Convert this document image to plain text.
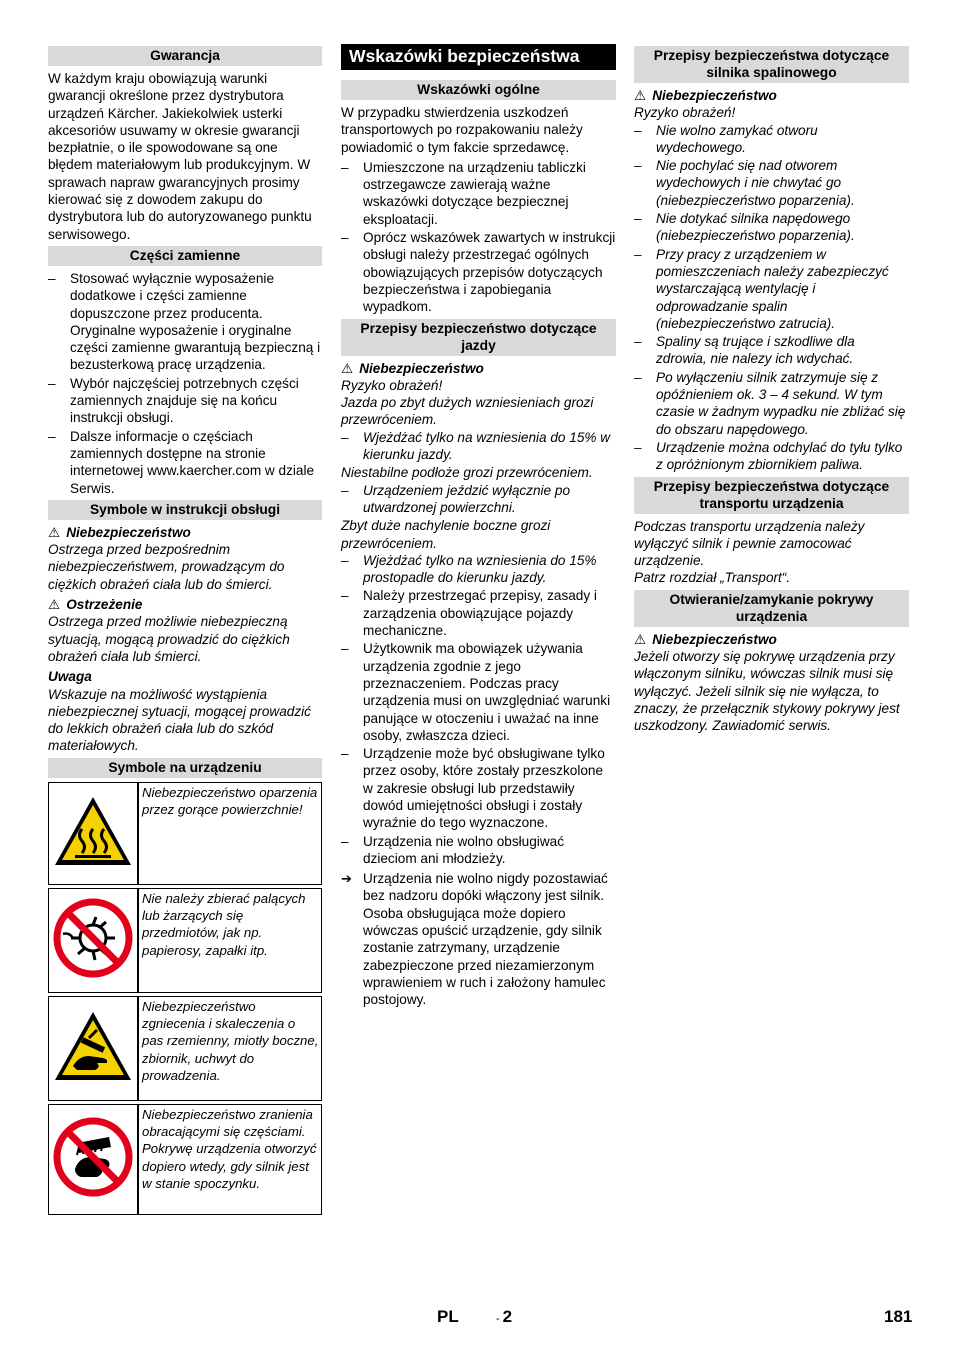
Gwarancja

W każdym kraju obowiązują warunki gwarancji określone przez dystrybutora urządzeń Kärcher. Jakiekolwiek usterki akcesoriów usuwamy w okresie gwarancji bezpłatnie, o ile spowodowane są one błędem materiałowym lub produkcyjnym. W sprawach napraw gwarancyjnych prosimy kierować się z dowodem zakupu do dystrybutora lub do autoryzowanego punktu serwisowego.

Części zamienne
– Stosować wyłącznie wyposażenie dodatkowe i części zamienne dopuszczone przez producenta. Oryginalne wyposażenie i oryginalne części zamienne gwarantują bezpieczną i bezusterkową pracę urządzenia.
– Wybór najczęściej potrzebnych części zamiennych znajduje się na końcu instrukcji obsługi.
– Dalsze informacje o częściach zamiennych dostępne na stronie internetowej www.kaercher.com w dziale Serwis.
Symbole w instrukcji obsługi
⚠ Niebezpieczeństwo

Ostrzega przed bezpośrednim niebezpieczeństwem, prowadzącym do ciężkich obrażeń ciała lub do śmierci.

⚠ Ostrzeżenie

Ostrzega przed możliwie niebezpieczną sytuacją, mogącą prowadzić do ciężkich obrażeń ciała lub śmierci.

Uwaga

Wskazuje na możliwość wystąpienia niebezpiecznej sytuacji, mogącej prowadzić do lekkich obrażeń ciała lub do szkód materiałowych.

Symbole na urządzeniu
	Niebezpieczeństwo oparzenia przez gorące powierzchnie!
	Nie należy zbierać palących lub żarzących się przedmiotów, jak np. papierosy, zapałki itp.
	Niebezpieczeństwo zgniecenia i skaleczenia o pas rzemienny, miotły boczne, zbiornik, uchwyt do prowadzenia.
	Niebezpieczeństwo zranienia obracającymi się częściami. Pokrywę urządzenia otworzyć dopiero wtedy, gdy silnik jest w stanie spoczynku.
Wskazówki bezpieczeństwa
Wskazówki ogólne

W przypadku stwierdzenia uszkodzeń transportowych po rozpakowaniu należy powiadomić o tym fakcie sprzedawcę.

– Umieszczone na urządzeniu tabliczki ostrzegawcze zawierają ważne wskazówki dotyczące bezpiecznej eksploatacji.
– Oprócz wskazówek zawartych w instrukcji obsługi należy przestrzegać ogólnych obowiązujących przepisów dotyczących bezpieczeństwa i zapobiegania wypadkom.
Przepisy bezpieczeństwo dotyczące jazdy
⚠ Niebezpieczeństwo

Ryzyko obrażeń!

Jazda po zbyt dużych wzniesieniach grozi przewróceniem.

– Wjeżdżać tylko na wzniesienia do 15% w kierunku jazdy.

Niestabilne podłoże grozi przewróceniem.

– Urządzeniem jeździć wyłącznie po utwardzonej powierzchni.

Zbyt duże nachylenie boczne grozi przewróceniem.

– Wjeżdżać tylko na wzniesienia do 15% prostopadle do kierunku jazdy.
– Należy przestrzegać przepisy, zasady i zarządzenia obowiązujące pojazdy mechaniczne.
– Użytkownik ma obowiązek używania urządzenia zgodnie z jego przeznaczeniem. Podczas pracy urządzenia musi on uwzględniać warunki panujące w otoczeniu i uważać na inne osoby, zwłaszcza dzieci.
– Urządzenie może być obsługiwane tylko przez osoby, które zostały przeszkolone w zakresie obsługi lub przedstawiły dowód umiejętności obsługi i zostały wyraźnie do tego wyznaczone.
– Urządzenia nie wolno obsługiwać dzieciom ani młodzieży.
➔ Urządzenia nie wolno nigdy pozostawiać bez nadzoru dopóki włączony jest silnik. Osoba obsługująca może dopiero wówczas opuścić urządzenie, gdy silnik zostanie zatrzymany, urządzenie zabezpieczone przed niezamierzonym wprawieniem w ruch i założony hamulec postojowy.
Przepisy bezpieczeństwa dotyczące silnika spalinowego
⚠ Niebezpieczeństwo

Ryzyko obrażeń!

– Nie wolno zamykać otworu wydechowego.
– Nie pochylać się nad otworem wydechowych i nie chwytać go (niebezpieczeństwo poparzenia).
– Nie dotykać silnika napędowego (niebezpieczeństwo poparzenia).
– Przy pracy z urządzeniem w pomieszczeniach należy zabezpieczyć wystarczającą wentylację i odprowadzanie spalin (niebezpieczeństwo zatrucia).
– Spaliny są trujące i szkodliwe dla zdrowia, nie nalezy ich wdychać.
– Po wyłączeniu silnik zatrzymuje się z opóźnieniem ok. 3 – 4 sekund. W tym czasie w żadnym wypadku nie zbliżać się do obszaru napędowego.
– Urządzenie można odchylać do tyłu tylko z opróżnionym zbiornikiem paliwa.
Przepisy bezpieczeństwa dotyczące transportu urządzenia

Podczas transportu urządzenia należy wyłączyć silnik i pewnie zamocować urządzenie.

Patrz rozdział „Transport“.

Otwieranie/zamykanie pokrywy urządzenia
⚠ Niebezpieczeństwo

Jeżeli otworzy się pokrywę urządzenia przy włączonym silniku, wówczas silnik musi się wyłączyć. Jeżeli silnik się nie wyłącza, to znaczy, że przełącznik stykowy pokrywy jest uszkodzony. Zawiadomić serwis.

PL	- 2	181
